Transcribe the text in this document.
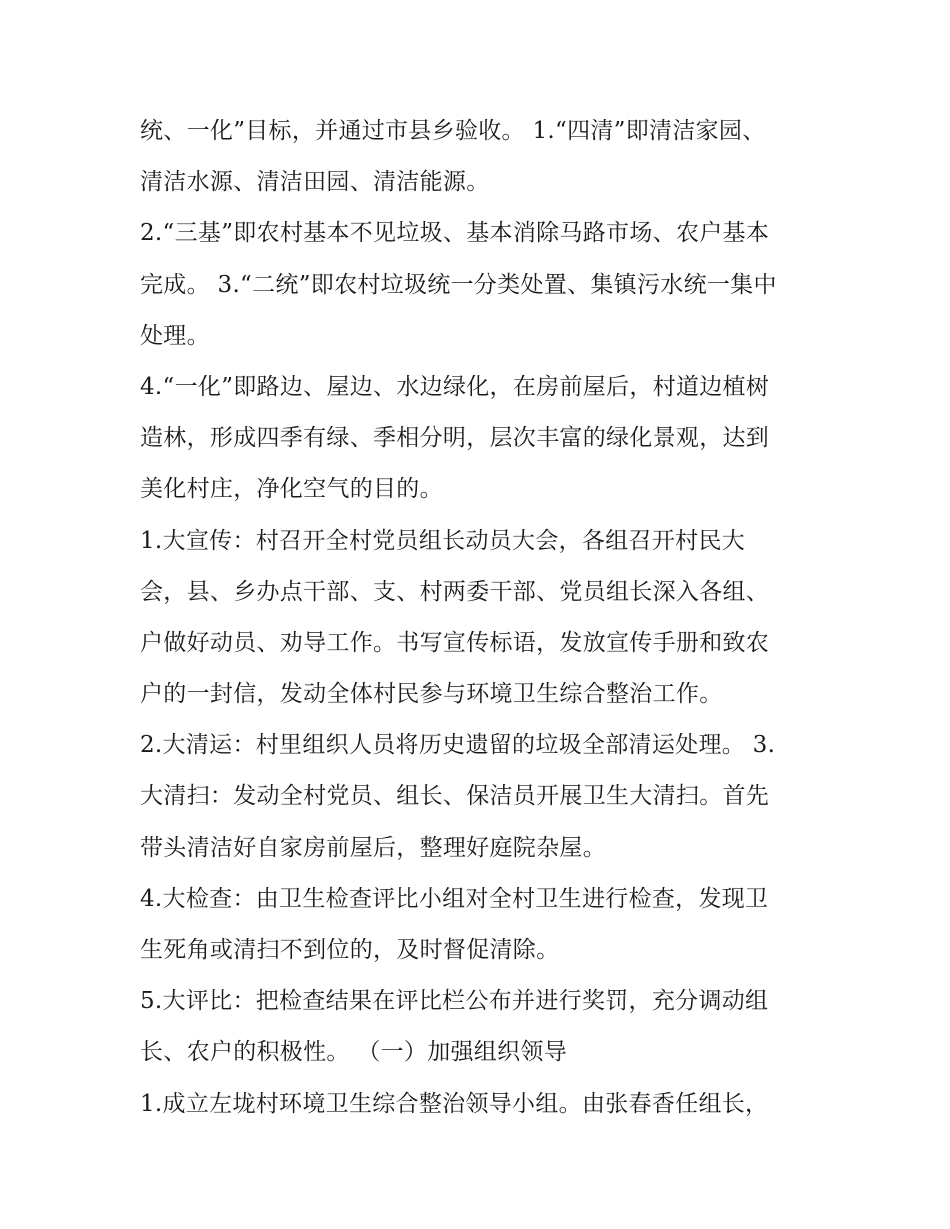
统、一化”目标，并通过市县乡验收。 1.“四清”即清洁家园、
清洁水源、清洁田园、清洁能源。
2.“三基”即农村基本不见垃圾、基本消除马路市场、农户基本
完成。 3.“二统”即农村垃圾统一分类处置、集镇污水统一集中
处理。
4.“一化”即路边、屋边、水边绿化，在房前屋后，村道边植树
造林，形成四季有绿、季相分明，层次丰富的绿化景观，达到
美化村庄，净化空气的目的。
1.大宣传：村召开全村党员组长动员大会，各组召开村民大
会，县、乡办点干部、支、村两委干部、党员组长深入各组、
户做好动员、劝导工作。书写宣传标语，发放宣传手册和致农
户的一封信，发动全体村民参与环境卫生综合整治工作。
2.大清运：村里组织人员将历史遗留的垃圾全部清运处理。 3.
大清扫：发动全村党员、组长、保洁员开展卫生大清扫。首先
带头清洁好自家房前屋后，整理好庭院杂屋。
4.大检查：由卫生检查评比小组对全村卫生进行检查，发现卫
生死角或清扫不到位的，及时督促清除。
5.大评比：把检查结果在评比栏公布并进行奖罚，充分调动组
长、农户的积极性。 （一）加强组织领导
1.成立左垅村环境卫生综合整治领导小组。由张春香任组长，
